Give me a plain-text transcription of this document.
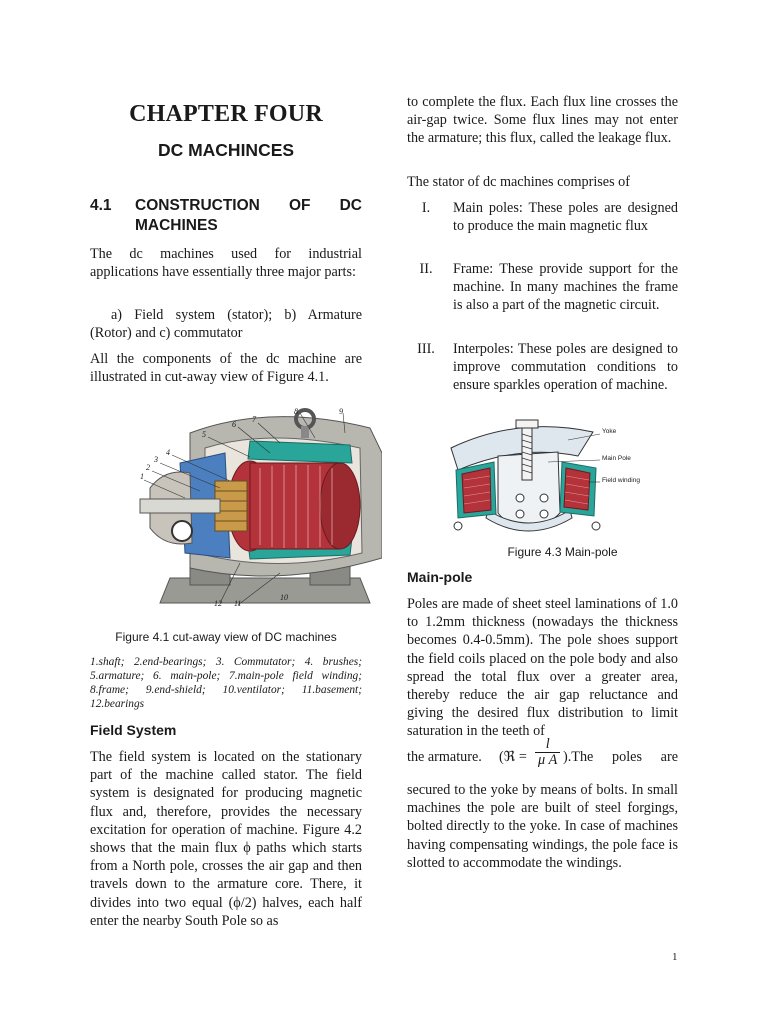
CHAPTER FOUR
DC MACHINCES
4.1 CONSTRUCTION OF DC
MACHINES

The dc machines used for industrial applications have essentially three major parts:

a) Field system (stator); b) Armature

(Rotor) and c) commutator

All the components of the dc machine are illustrated in cut-away view of Figure 4.1.

1
2
3
4
5
6
7
8	9
10
11
12
Figure 4.1 cut-away view of DC machines

1.shaft; 2.end-bearings; 3. Commutator; 4. brushes; 5.armature; 6. main-pole; 7.main-pole field winding; 8.frame; 9.end-shield; 10.ventilator; 11.basement; 12.bearings

Field System

The field system is located on the stationary part of the machine called stator. The field system is designated for producing magnetic flux and, therefore, provides the necessary excitation for operation of machine. Figure 4.2 shows that the main flux ϕ paths which starts from a North pole, crosses the air gap and then travels down to the armature core. There, it divides into two equal (ϕ/2) halves, each half enter the nearby South Pole so as

to complete the flux. Each flux line crosses the air-gap twice. Some flux lines may not enter the armature; this flux, called the leakage flux.

The stator of dc machines comprises of

I.	Main poles: These poles are designed to produce the main magnetic flux
II.	Frame: These provide support for the machine. In many machines the frame is also a part of the magnetic circuit.
III.	Interpoles: These poles are designed to improve commutation conditions to ensure sparkles operation of machine.
Yoke
Main Pole
Field winding
Figure 4.3 Main-pole
Main-pole

Poles are made of sheet steel laminations of 1.0 to 1.2mm thickness (nowadays the thickness becomes 0.4-0.5mm). The pole shoes support the field coils placed on the pole body and also spread the total flux over a greater area, thereby reduce the air gap reluctance and giving the desired flux distribution to limit saturation in the teeth of

the armature. (ℜ = $\frac{l}{\text{μ A}} ).The$ poles are

secured to the yoke by means of bolts. In small machines the pole are built of steel forgings, bolted directly to the yoke. In case of machines having compensating windings, the pole face is slotted to accommodate the windings.

1
